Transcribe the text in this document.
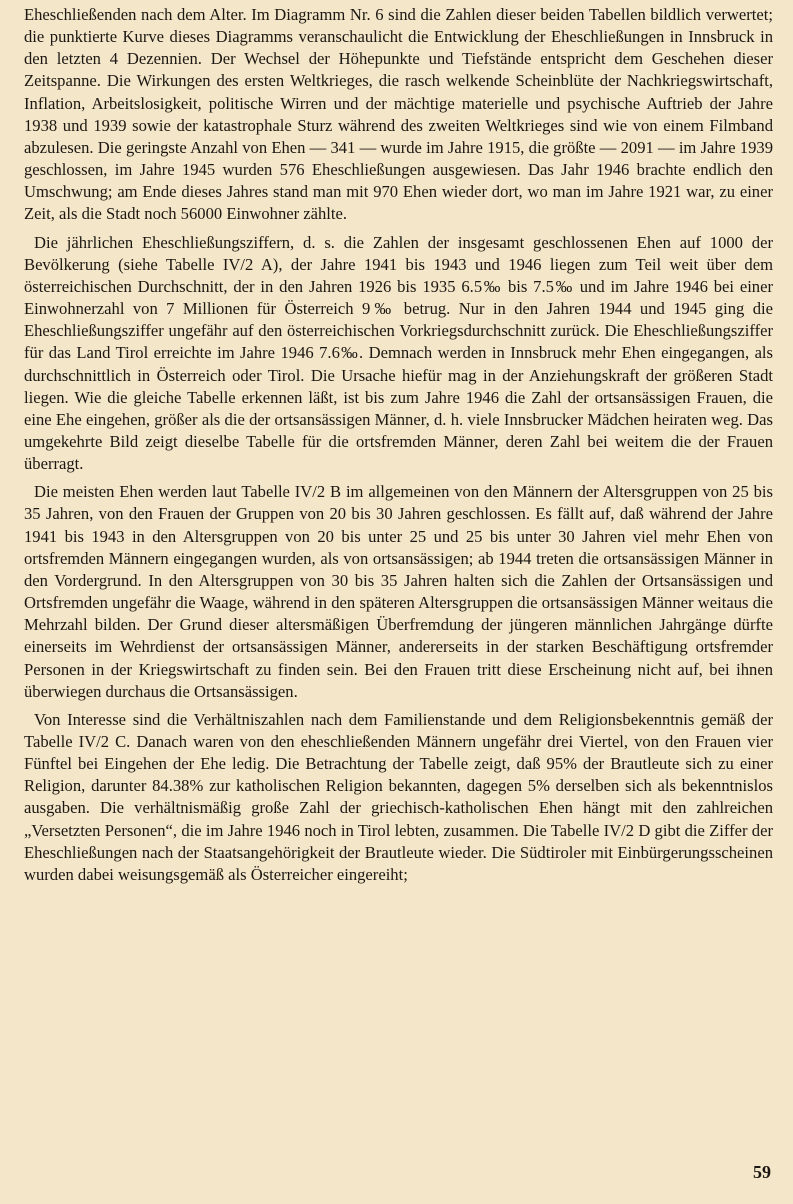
Eheschließenden nach dem Alter. Im Diagramm Nr. 6 sind die Zahlen dieser beiden Tabellen bildlich verwertet; die punktierte Kurve dieses Diagramms veranschaulicht die Entwicklung der Eheschließungen in Innsbruck in den letzten 4 Dezennien. Der Wechsel der Höhepunkte und Tiefstände entspricht dem Geschehen dieser Zeitspanne. Die Wirkungen des ersten Weltkrieges, die rasch welkende Scheinblüte der Nachkriegswirtschaft, Inflation, Arbeitslosigkeit, politische Wirren und der mächtige materielle und psychische Auftrieb der Jahre 1938 und 1939 sowie der katastrophale Sturz während des zweiten Weltkrieges sind wie von einem Filmband abzulesen. Die geringste Anzahl von Ehen — 341 — wurde im Jahre 1915, die größte — 2091 — im Jahre 1939 geschlossen, im Jahre 1945 wurden 576 Eheschließungen ausgewiesen. Das Jahr 1946 brachte endlich den Umschwung; am Ende dieses Jahres stand man mit 970 Ehen wieder dort, wo man im Jahre 1921 war, zu einer Zeit, als die Stadt noch 56000 Einwohner zählte.

Die jährlichen Eheschließungsziffern, d. s. die Zahlen der insgesamt geschlossenen Ehen auf 1000 der Bevölkerung (siehe Tabelle IV/2 A), der Jahre 1941 bis 1943 und 1946 liegen zum Teil weit über dem österreichischen Durchschnitt, der in den Jahren 1926 bis 1935 6.5‰ bis 7.5‰ und im Jahre 1946 bei einer Einwohnerzahl von 7 Millionen für Österreich 9‰ betrug. Nur in den Jahren 1944 und 1945 ging die Eheschließungsziffer ungefähr auf den österreichischen Vorkriegsdurchschnitt zurück. Die Eheschließungsziffer für das Land Tirol erreichte im Jahre 1946 7.6‰. Demnach werden in Innsbruck mehr Ehen eingegangen, als durchschnittlich in Österreich oder Tirol. Die Ursache hiefür mag in der Anziehungskraft der größeren Stadt liegen. Wie die gleiche Tabelle erkennen läßt, ist bis zum Jahre 1946 die Zahl der ortsansässigen Frauen, die eine Ehe eingehen, größer als die der ortsansässigen Männer, d. h. viele Innsbrucker Mädchen heiraten weg. Das umgekehrte Bild zeigt dieselbe Tabelle für die ortsfremden Männer, deren Zahl bei weitem die der Frauen überragt.

Die meisten Ehen werden laut Tabelle IV/2 B im allgemeinen von den Männern der Altersgruppen von 25 bis 35 Jahren, von den Frauen der Gruppen von 20 bis 30 Jahren geschlossen. Es fällt auf, daß während der Jahre 1941 bis 1943 in den Altersgruppen von 20 bis unter 25 und 25 bis unter 30 Jahren viel mehr Ehen von ortsfremden Männern eingegangen wurden, als von ortsansässigen; ab 1944 treten die ortsansässigen Männer in den Vordergrund. In den Altersgruppen von 30 bis 35 Jahren halten sich die Zahlen der Ortsansässigen und Ortsfremden ungefähr die Waage, während in den späteren Altersgruppen die ortsansässigen Männer weitaus die Mehrzahl bilden. Der Grund dieser altersmäßigen Überfremdung der jüngeren männlichen Jahrgänge dürfte einerseits im Wehrdienst der ortsansässigen Männer, andererseits in der starken Beschäftigung ortsfremder Personen in der Kriegswirtschaft zu finden sein. Bei den Frauen tritt diese Erscheinung nicht auf, bei ihnen überwiegen durchaus die Ortsansässigen.

Von Interesse sind die Verhältniszahlen nach dem Familienstande und dem Religionsbekenntnis gemäß der Tabelle IV/2 C. Danach waren von den eheschließenden Männern ungefähr drei Viertel, von den Frauen vier Fünftel bei Eingehen der Ehe ledig. Die Betrachtung der Tabelle zeigt, daß 95% der Brautleute sich zu einer Religion, darunter 84.38% zur katholischen Religion bekannten, dagegen 5% derselben sich als bekenntnislos ausgaben. Die verhältnismäßig große Zahl der griechisch-katholischen Ehen hängt mit den zahlreichen „Versetzten Personen“, die im Jahre 1946 noch in Tirol lebten, zusammen. Die Tabelle IV/2 D gibt die Ziffer der Eheschließungen nach der Staatsangehörigkeit der Brautleute wieder. Die Südtiroler mit Einbürgerungsscheinen wurden dabei weisungsgemäß als Österreicher eingereiht;

59
